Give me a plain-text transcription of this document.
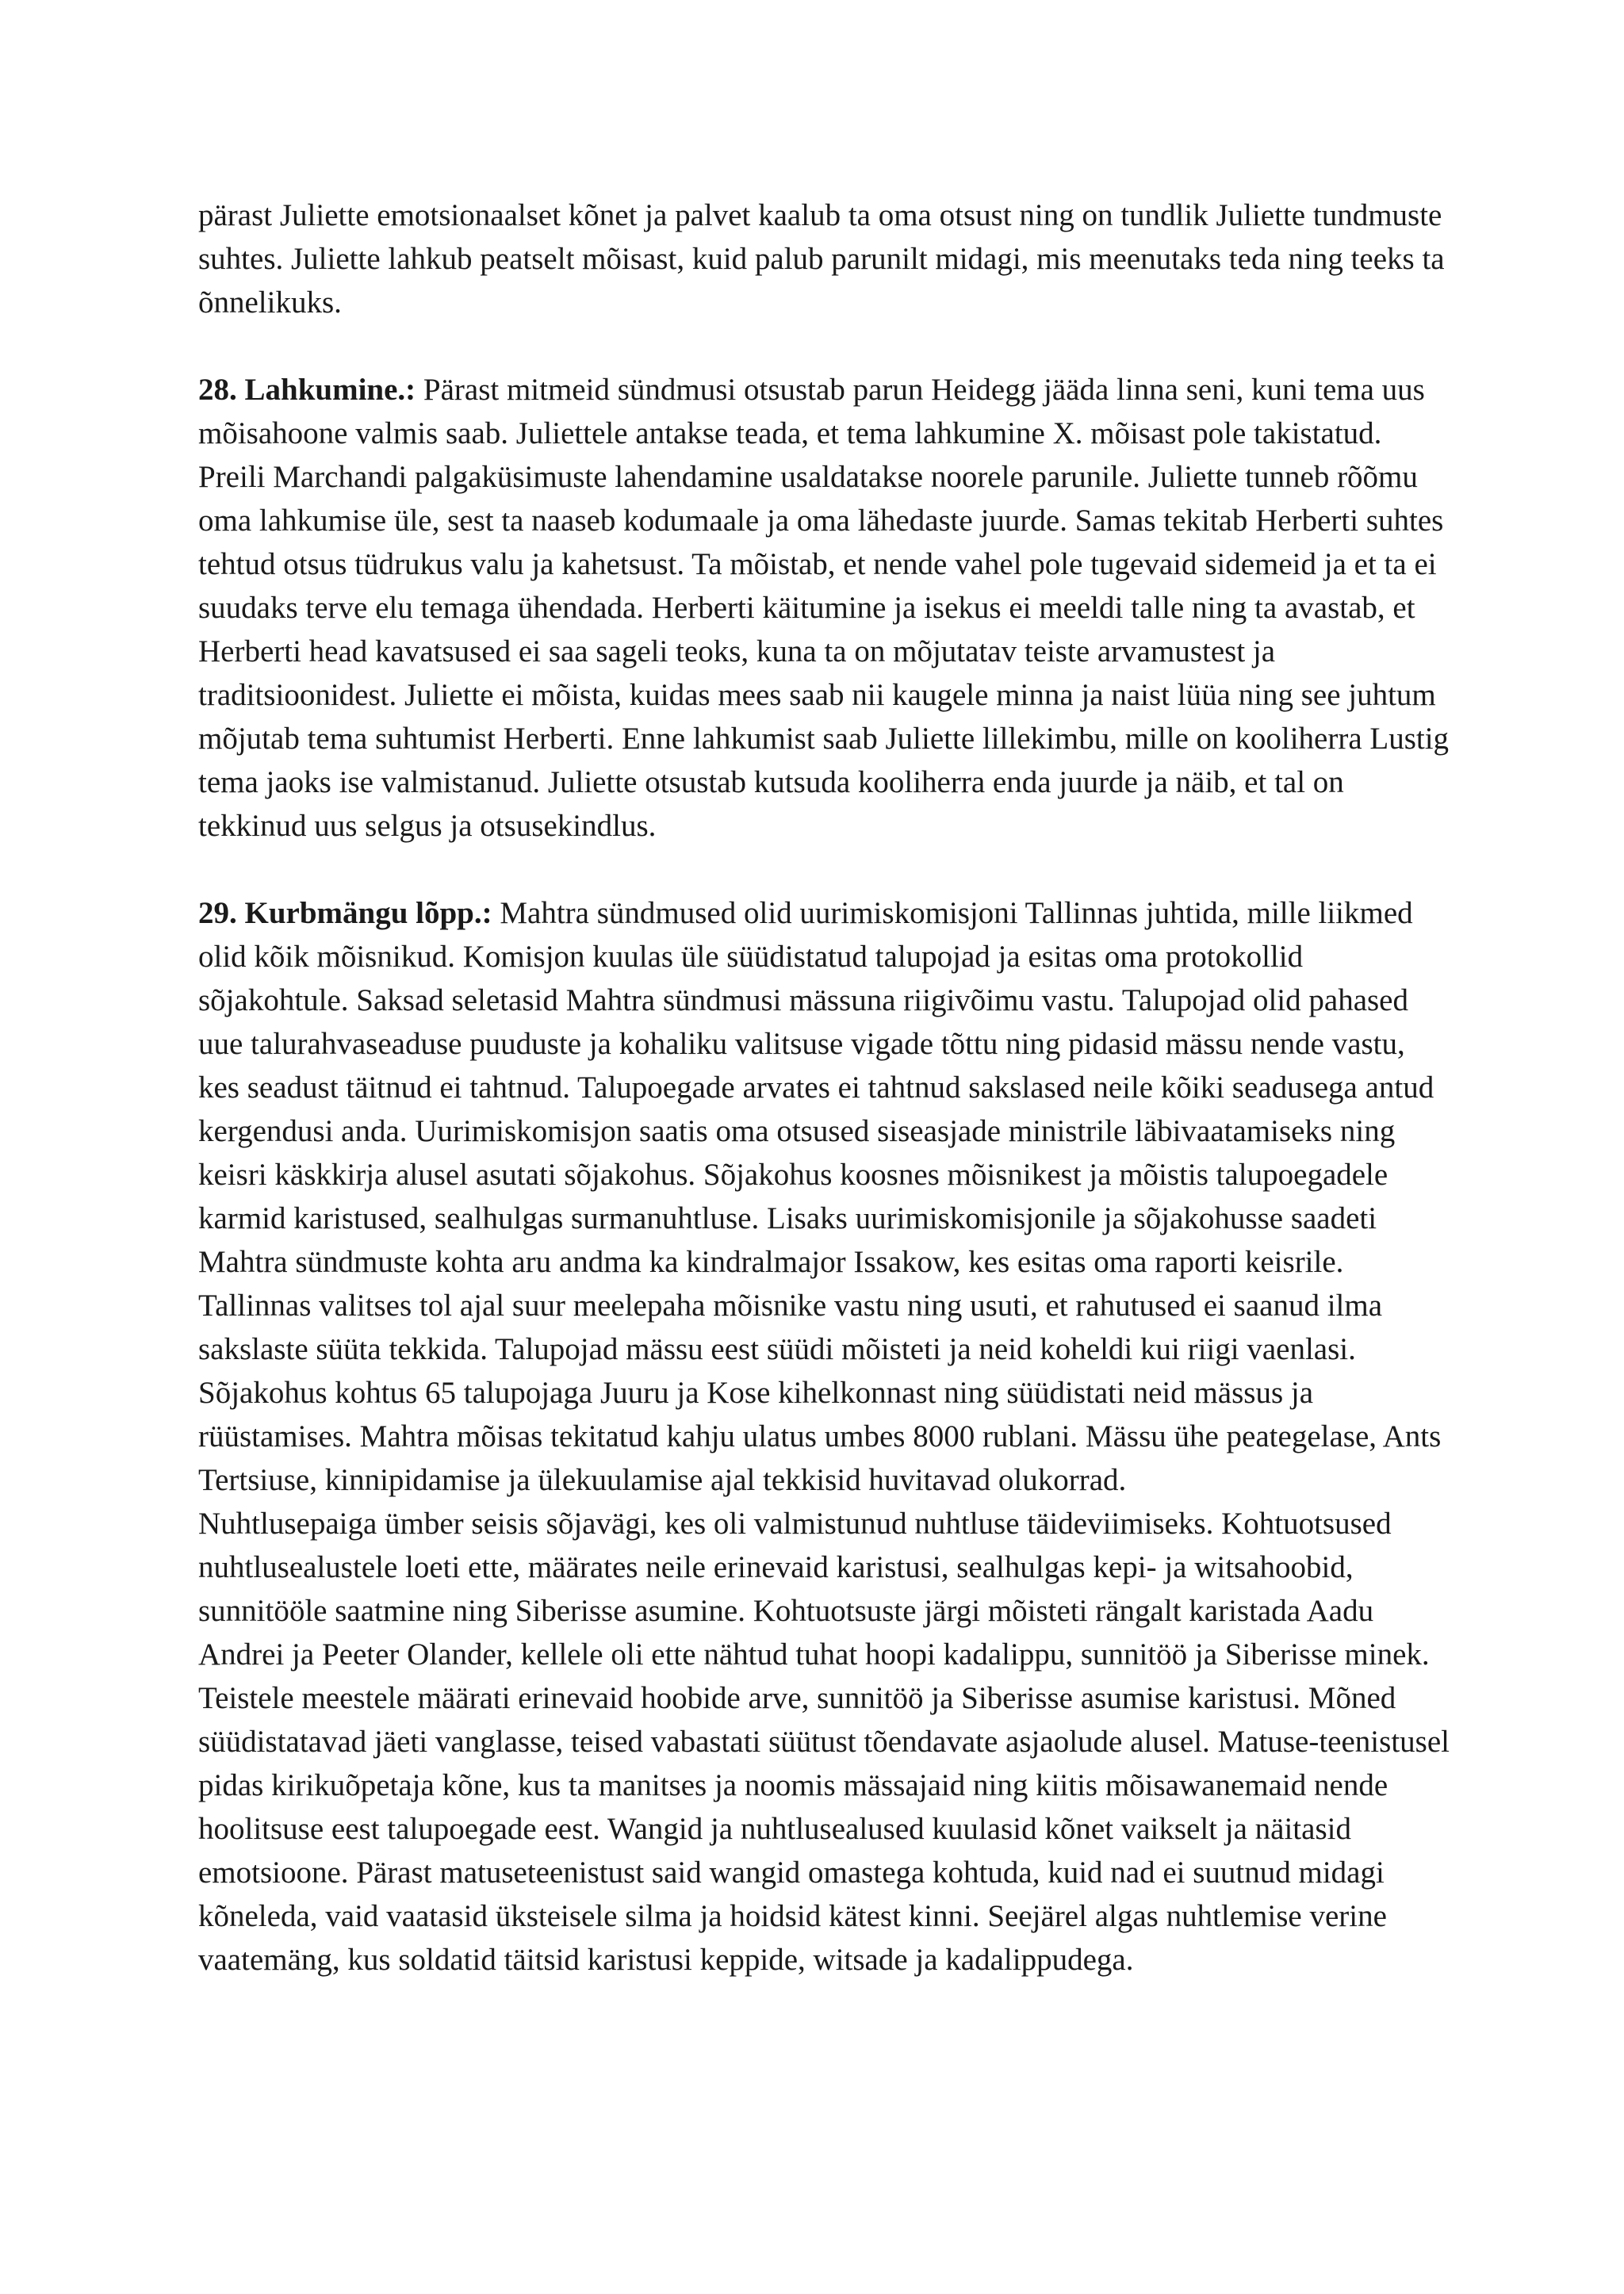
pärast Juliette emotsionaalset kõnet ja palvet kaalub ta oma otsust ning on tundlik Juliette tundmuste suhtes. Juliette lahkub peatselt mõisast, kuid palub parunilt midagi, mis meenutaks teda ning teeks ta õnnelikuks.

28. Lahkumine.: Pärast mitmeid sündmusi otsustab parun Heidegg jääda linna seni, kuni tema uus mõisahoone valmis saab. Juliettele antakse teada, et tema lahkumine X. mõisast pole takistatud. Preili Marchandi palgaküsimuste lahendamine usaldatakse noorele parunile. Juliette tunneb rõõmu oma lahkumise üle, sest ta naaseb kodumaale ja oma lähedaste juurde. Samas tekitab Herberti suhtes tehtud otsus tüdrukus valu ja kahetsust. Ta mõistab, et nende vahel pole tugevaid sidemeid ja et ta ei suudaks terve elu temaga ühendada. Herberti käitumine ja isekus ei meeldi talle ning ta avastab, et Herberti head kavatsused ei saa sageli teoks, kuna ta on mõjutatav teiste arvamustest ja traditsioonidest. Juliette ei mõista, kuidas mees saab nii kaugele minna ja naist lüüa ning see juhtum mõjutab tema suhtumist Herberti. Enne lahkumist saab Juliette lillekimbu, mille on kooliherra Lustig tema jaoks ise valmistanud. Juliette otsustab kutsuda kooliherra enda juurde ja näib, et tal on tekkinud uus selgus ja otsusekindlus.

29. Kurbmängu lõpp.: Mahtra sündmused olid uurimiskomisjoni Tallinnas juhtida, mille liikmed olid kõik mõisnikud. Komisjon kuulas üle süüdistatud talupojad ja esitas oma protokollid sõjakohtule. Saksad seletasid Mahtra sündmusi mässuna riigivõimu vastu. Talupojad olid pahased uue talurahvaseaduse puuduste ja kohaliku valitsuse vigade tõttu ning pidasid mässu nende vastu, kes seadust täitnud ei tahtnud. Talupoegade arvates ei tahtnud sakslased neile kõiki seadusega antud kergendusi anda. Uurimiskomisjon saatis oma otsused siseasjade ministrile läbivaatamiseks ning keisri käskkirja alusel asutati sõjakohus. Sõjakohus koosnes mõisnikest ja mõistis talupoegadele karmid karistused, sealhulgas surmanuhtluse. Lisaks uurimiskomisjonile ja sõjakohusse saadeti Mahtra sündmuste kohta aru andma ka kindralmajor Issakow, kes esitas oma raporti keisrile. Tallinnas valitses tol ajal suur meelepaha mõisnike vastu ning usuti, et rahutused ei saanud ilma sakslaste süüta tekkida. Talupojad mässu eest süüdi mõisteti ja neid koheldi kui riigi vaenlasi. Sõjakohus kohtus 65 talupojaga Juuru ja Kose kihelkonnast ning süüdistati neid mässus ja rüüstamises. Mahtra mõisas tekitatud kahju ulatus umbes 8000 rublani. Mässu ühe peategelase, Ants Tertsiuse, kinnipidamise ja ülekuulamise ajal tekkisid huvitavad olukorrad.

Nuhtlusepaiga ümber seisis sõjavägi, kes oli valmistunud nuhtluse täideviimiseks. Kohtuotsused nuhtlusealustele loeti ette, määrates neile erinevaid karistusi, sealhulgas kepi- ja witsahoobid, sunnitööle saatmine ning Siberisse asumine. Kohtuotsuste järgi mõisteti rängalt karistada Aadu Andrei ja Peeter Olander, kellele oli ette nähtud tuhat hoopi kadalippu, sunnitöö ja Siberisse minek. Teistele meestele määrati erinevaid hoobide arve, sunnitöö ja Siberisse asumise karistusi. Mõned süüdistatavad jäeti vanglasse, teised vabastati süütust tõendavate asjaolude alusel. Matuse-teenistusel pidas kirikuõpetaja kõne, kus ta manitses ja noomis mässajaid ning kiitis mõisawanemaid nende hoolitsuse eest talupoegade eest. Wangid ja nuhtlusealused kuulasid kõnet vaikselt ja näitasid emotsioone. Pärast matuseteenistust said wangid omastega kohtuda, kuid nad ei suutnud midagi kõneleda, vaid vaatasid üksteisele silma ja hoidsid kätest kinni. Seejärel algas nuhtlemise verine vaatemäng, kus soldatid täitsid karistusi keppide, witsade ja kadalippudega.
